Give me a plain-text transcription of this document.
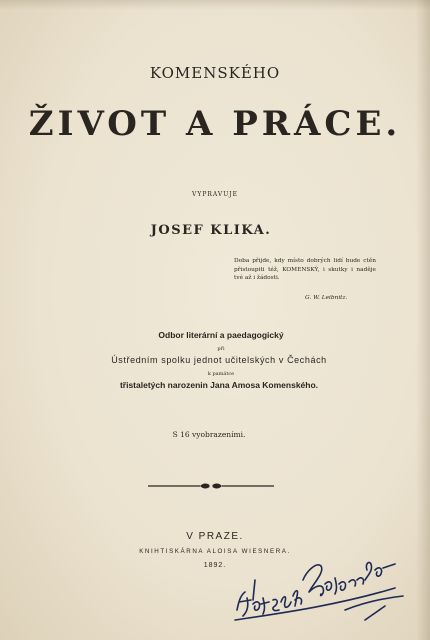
KOMENSKÉHO
ŽIVOT A PRÁCE.
VYPRAVUJE
JOSEF KLIKA.
Doba přijde, kdy místo dobrých lidí bude ctěn přistoupiti též, KOMENSKÝ, i skutky i naděje tvé až i žádosti.
G. W. Leibnitz.
Odbor literární a paedagogický
při
Ústředním spolku jednot učitelských v Čechách
k památce
třistaletých narozenin Jana Amosa Komenského.
S 16 vyobrazeními.
V PRAZE.
KNIHTISKÁRNA ALOISA WIESNERA.
1892.
